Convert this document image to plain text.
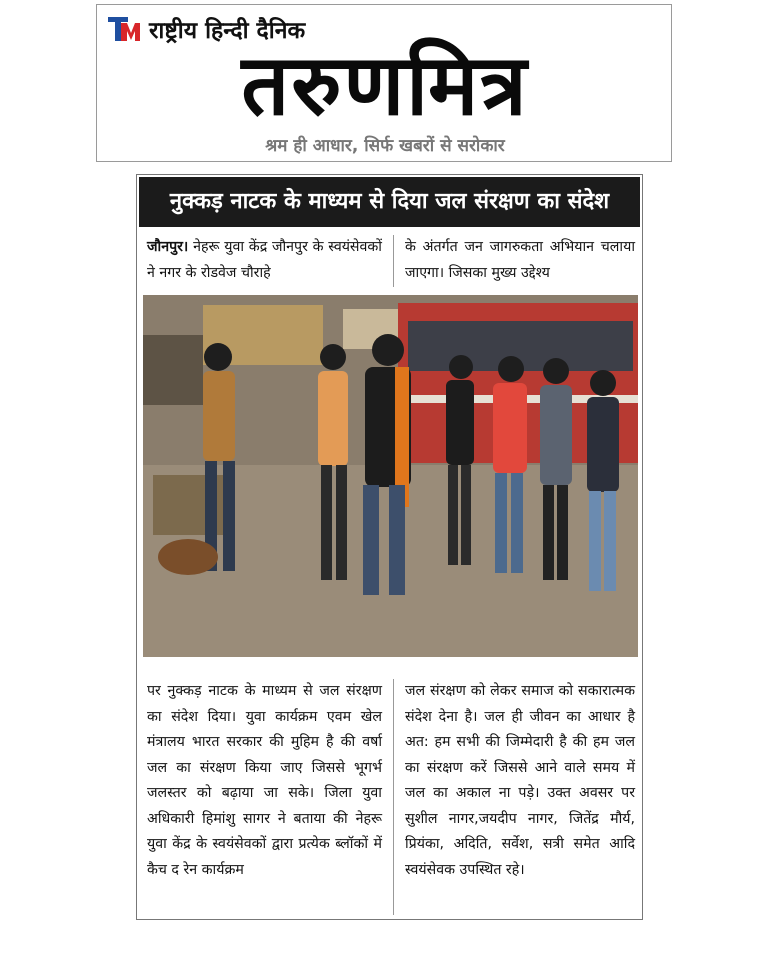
राष्ट्रीय हिन्दी दैनिक
तरुणमित्र
श्रम ही आधार, सिर्फ खबरों से सरोकार
नुक्कड़ नाटक के माध्यम से दिया जल संरक्षण का संदेश
जौनपुर। नेहरू युवा केंद्र जौनपुर के स्वयंसेवकों ने नगर के रोडवेज चौराहे
के अंतर्गत जन जागरुकता अभियान चलाया जाएगा। जिसका मुख्य उद्देश्य
पर नुक्कड़ नाटक के माध्यम से जल संरक्षण का संदेश दिया। युवा कार्यक्रम एवम खेल मंत्रालय भारत सरकार की मुहिम है की वर्षा जल का संरक्षण किया जाए जिससे भूगर्भ जलस्तर को बढ़ाया जा सके। जिला युवा अधिकारी हिमांशु सागर ने बताया की नेहरू युवा केंद्र के स्वयंसेवकों द्वारा प्रत्येक ब्लॉकों में कैच द रेन कार्यक्रम
जल संरक्षण को लेकर समाज को सकारात्मक संदेश देना है। जल ही जीवन का आधार है अत: हम सभी की जिम्मेदारी है की हम जल का संरक्षण करें जिससे आने वाले समय में जल का अकाल ना पड़े। उक्त अवसर पर सुशील नागर,जयदीप नागर, जितेंद्र मौर्य, प्रियंका, अदिति, सर्वेश, सत्री समेत आदि स्वयंसेवक उपस्थित रहे।
